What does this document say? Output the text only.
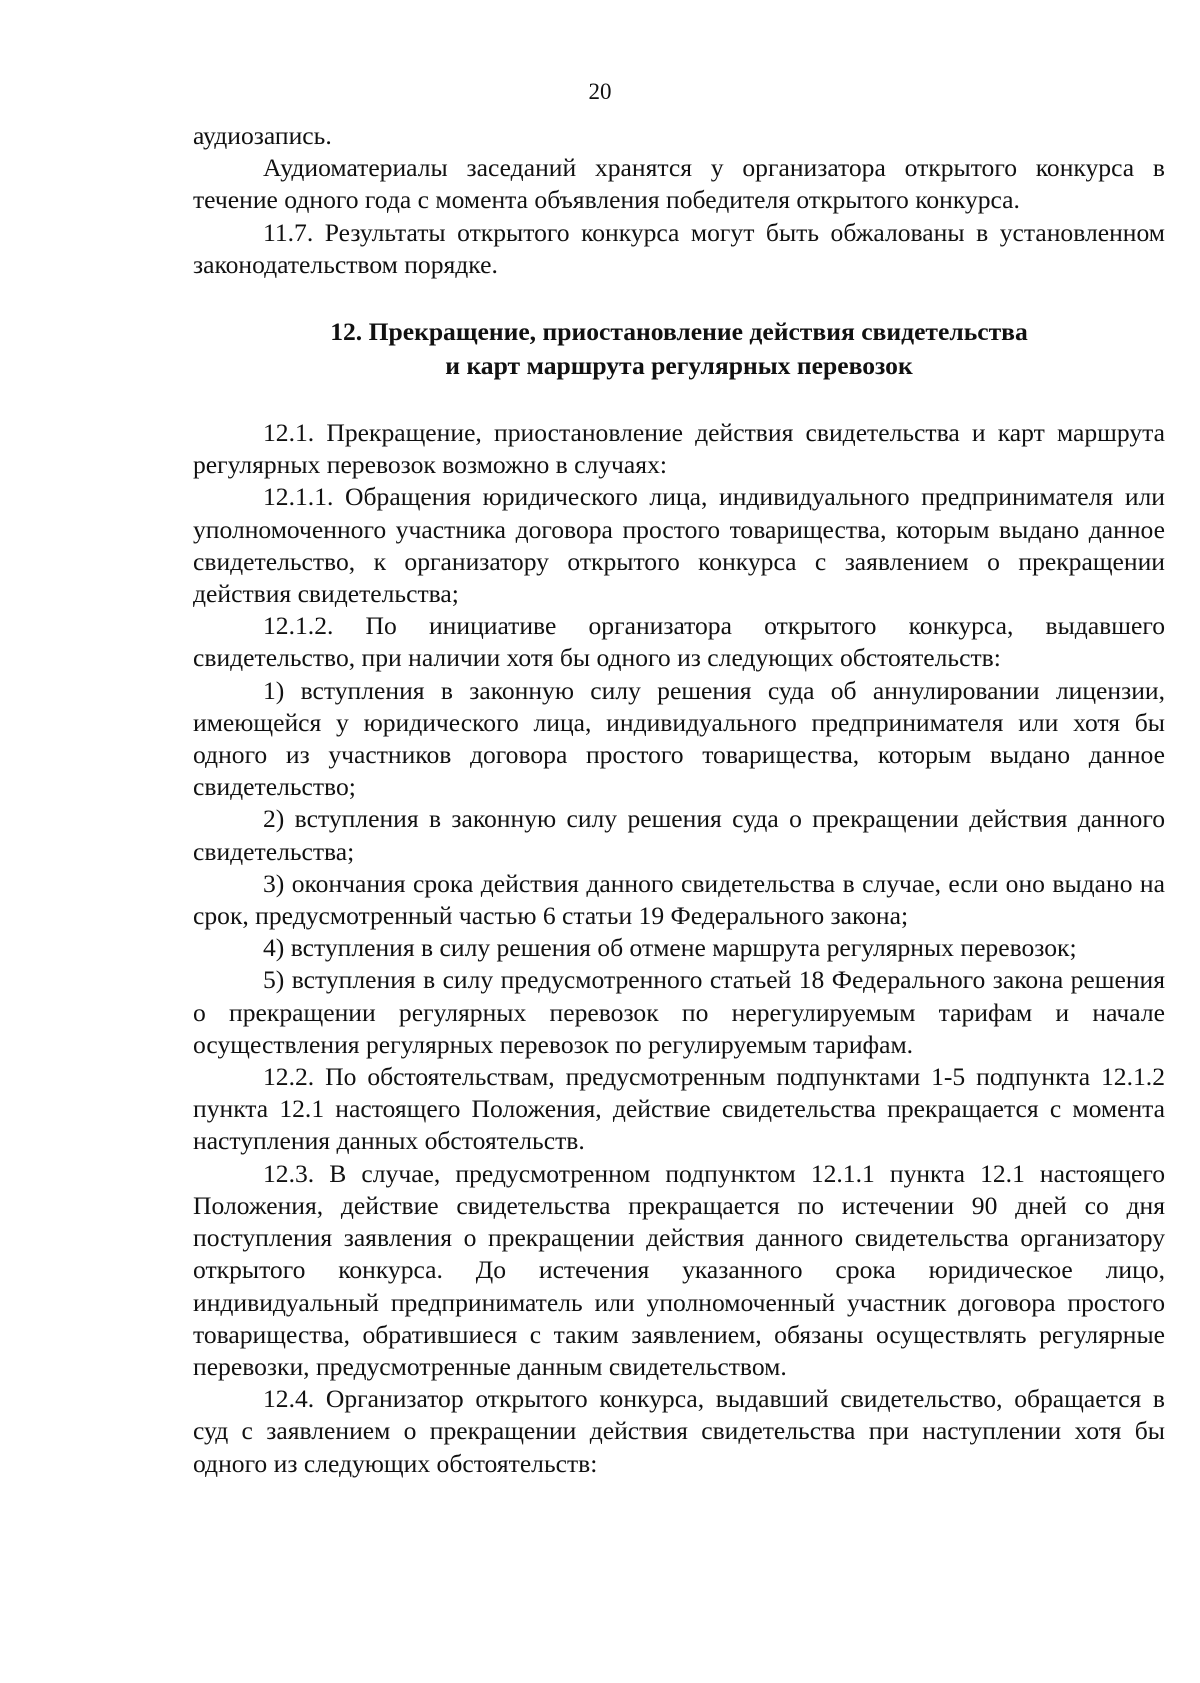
20

аудиозапись.

Аудиоматериалы заседаний хранятся у организатора открытого конкурса в течение одного года с момента объявления победителя открытого конкурса.

11.7. Результаты открытого конкурса могут быть обжалованы в установленном законодательством порядке.

12. Прекращение, приостановление действия свидетельства
и карт маршрута регулярных перевозок

12.1. Прекращение, приостановление действия свидетельства и карт маршрута регулярных перевозок возможно в случаях:

12.1.1. Обращения юридического лица, индивидуального предпринимателя или уполномоченного участника договора простого товарищества, которым выдано данное свидетельство, к организатору открытого конкурса с заявлением о прекращении действия свидетельства;

12.1.2. По инициативе организатора открытого конкурса, выдавшего свидетельство, при наличии хотя бы одного из следующих обстоятельств:

1) вступления в законную силу решения суда об аннулировании лицензии, имеющейся у юридического лица, индивидуального предпринимателя или хотя бы одного из участников договора простого товарищества, которым выдано данное свидетельство;

2) вступления в законную силу решения суда о прекращении действия данного свидетельства;

3) окончания срока действия данного свидетельства в случае, если оно выдано на срок, предусмотренный частью 6 статьи 19 Федерального закона;

4) вступления в силу решения об отмене маршрута регулярных перевозок;

5) вступления в силу предусмотренного статьей 18 Федерального закона решения о прекращении регулярных перевозок по нерегулируемым тарифам и начале осуществления регулярных перевозок по регулируемым тарифам.

12.2. По обстоятельствам, предусмотренным подпунктами 1-5 подпункта 12.1.2 пункта 12.1 настоящего Положения, действие свидетельства прекращается с момента наступления данных обстоятельств.

12.3. В случае, предусмотренном подпунктом 12.1.1 пункта 12.1 настоящего Положения, действие свидетельства прекращается по истечении 90 дней со дня поступления заявления о прекращении действия данного свидетельства организатору открытого конкурса. До истечения указанного срока юридическое лицо, индивидуальный предприниматель или уполномоченный участник договора простого товарищества, обратившиеся с таким заявлением, обязаны осуществлять регулярные перевозки, предусмотренные данным свидетельством.

12.4. Организатор открытого конкурса, выдавший свидетельство, обращается в суд с заявлением о прекращении действия свидетельства при наступлении хотя бы одного из следующих обстоятельств:
